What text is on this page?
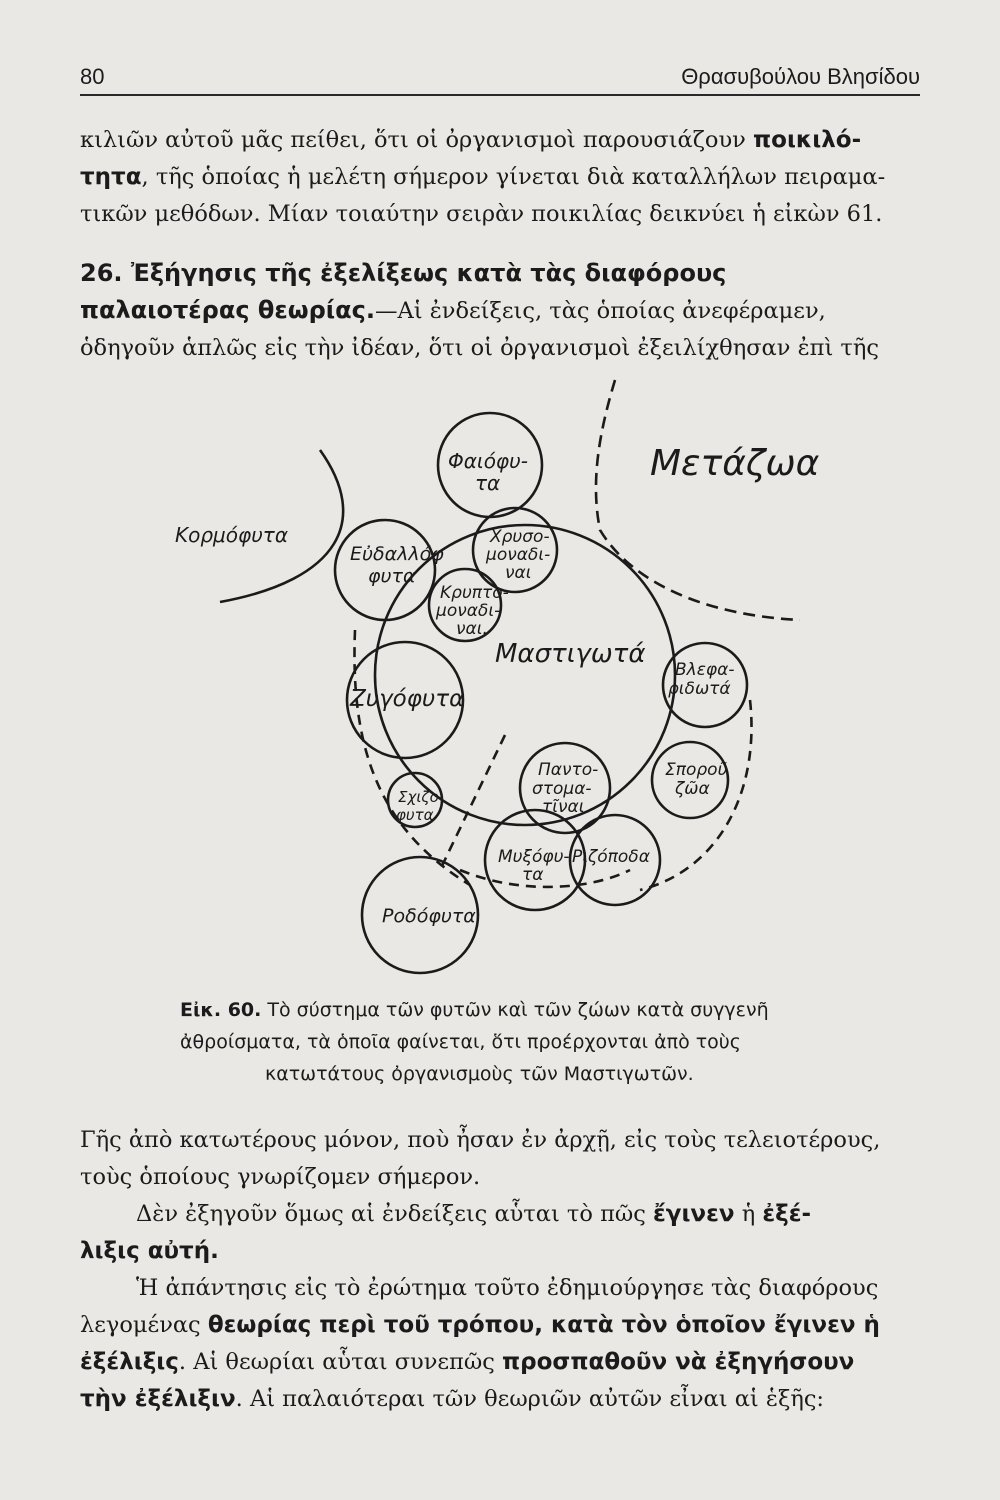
80	Θρασυβούλου Βλησίδου

κιλιῶν αὐτοῦ μᾶς πείθει, ὅτι οἱ ὀργανισμοὶ παρουσιάζουν ποικιλό-
τητα, τῆς ὁποίας ἡ μελέτη σήμερον γίνεται διὰ καταλλήλων πειραμα-
τικῶν μεθόδων. Μίαν τοιαύτην σειρὰν ποικιλίας δεικνύει ἡ εἰκὼν 61.

26. Ἐξήγησις τῆς ἐξελίξεως κατὰ τὰς διαφόρους
παλαιοτέρας θεωρίας.—Αἱ ἐνδείξεις, τὰς ὁποίας ἀνεφέραμεν,
ὁδηγοῦν ἁπλῶς εἰς τὴν ἰδέαν, ὅτι οἱ ὀργανισμοὶ ἐξειλίχθησαν ἐπὶ τῆς

Μετάζωα
Κορμόφυτα
Φαιόφυ-
τα
Χρυσο-
μοναδι-
ναι
Εὐδαλλόφ
φυτα
Κρυπτο-
μοναδι-
ναι.
Μαστιγωτά
Ζυγόφυτα
Βλεφα-
ριδωτά
Σποροῦ
ζῶα
Σχιζο
φυτα
Παντο-
στομα-
τῖναι
Μυξόφυ-
τα
Ριζόποδα
Ροδόφυτα

Εἰκ. 60. Τὸ σύστημα τῶν φυτῶν καὶ τῶν ζώων κατὰ συγγενῆ
ἀθροίσματα, τὰ ὁποῖα φαίνεται, ὅτι προέρχονται ἀπὸ τοὺς
κατωτάτους ὀργανισμοὺς τῶν Μαστιγωτῶν.

Γῆς ἀπὸ κατωτέρους μόνον, ποὺ ἦσαν ἐν ἀρχῇ, εἰς τοὺς τελειοτέρους,
τοὺς ὁποίους γνωρίζομεν σήμερον.

Δὲν ἐξηγοῦν ὅμως αἱ ἐνδείξεις αὗται τὸ πῶς ἔγινεν ἡ ἐξέ-
λιξις αὐτή.

Ἡ ἀπάντησις εἰς τὸ ἐρώτημα τοῦτο ἐδημιούργησε τὰς διαφόρους
λεγομένας θεωρίας περὶ τοῦ τρόπου, κατὰ τὸν ὁποῖον ἔγινεν ἡ
ἐξέλιξις. Αἱ θεωρίαι αὗται συνεπῶς προσπαθοῦν νὰ ἐξηγήσουν
τὴν ἐξέλιξιν. Αἱ παλαιότεραι τῶν θεωριῶν αὐτῶν εἶναι αἱ ἑξῆς:
